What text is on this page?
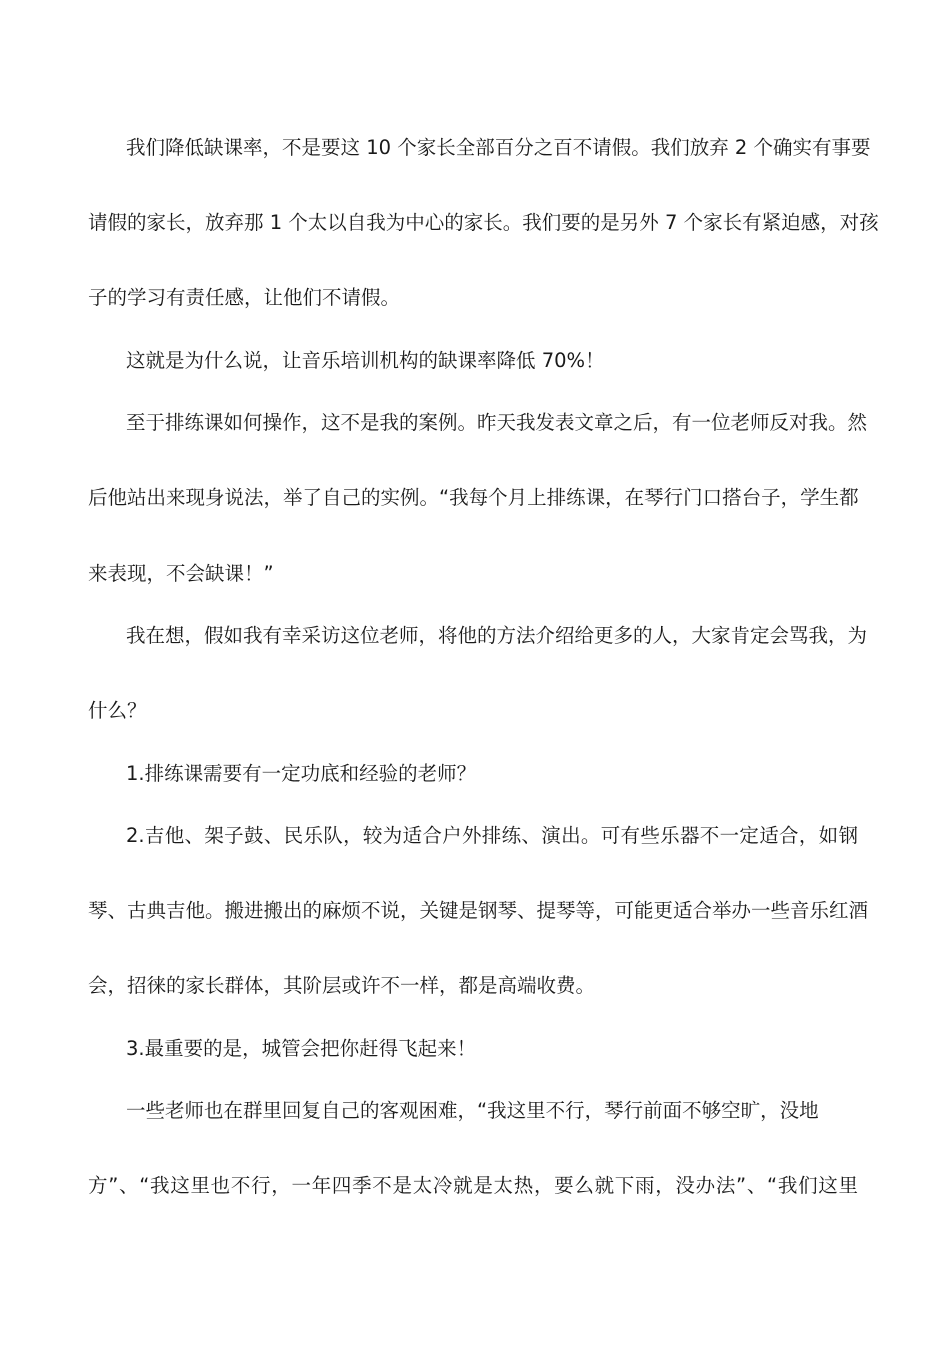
我们降低缺课率，不是要这 10 个家长全部百分之百不请假。我们放弃 2 个确实有事要
请假的家长，放弃那 1 个太以自我为中心的家长。我们要的是另外 7 个家长有紧迫感，对孩
子的学习有责任感，让他们不请假。
这就是为什么说，让音乐培训机构的缺课率降低 70%！
至于排练课如何操作，这不是我的案例。昨天我发表文章之后，有一位老师反对我。然
后他站出来现身说法，举了自己的实例。“我每个月上排练课，在琴行门口搭台子，学生都
来表现，不会缺课！”
我在想，假如我有幸采访这位老师，将他的方法介绍给更多的人，大家肯定会骂我，为
什么？
1.排练课需要有一定功底和经验的老师？
2.吉他、架子鼓、民乐队，较为适合户外排练、演出。可有些乐器不一定适合，如钢
琴、古典吉他。搬进搬出的麻烦不说，关键是钢琴、提琴等，可能更适合举办一些音乐红酒
会，招徕的家长群体，其阶层或许不一样，都是高端收费。
3.最重要的是，城管会把你赶得飞起来！
一些老师也在群里回复自己的客观困难，“我这里不行，琴行前面不够空旷，没地
方”、“我这里也不行，一年四季不是太冷就是太热，要么就下雨，没办法”、“我们这里
